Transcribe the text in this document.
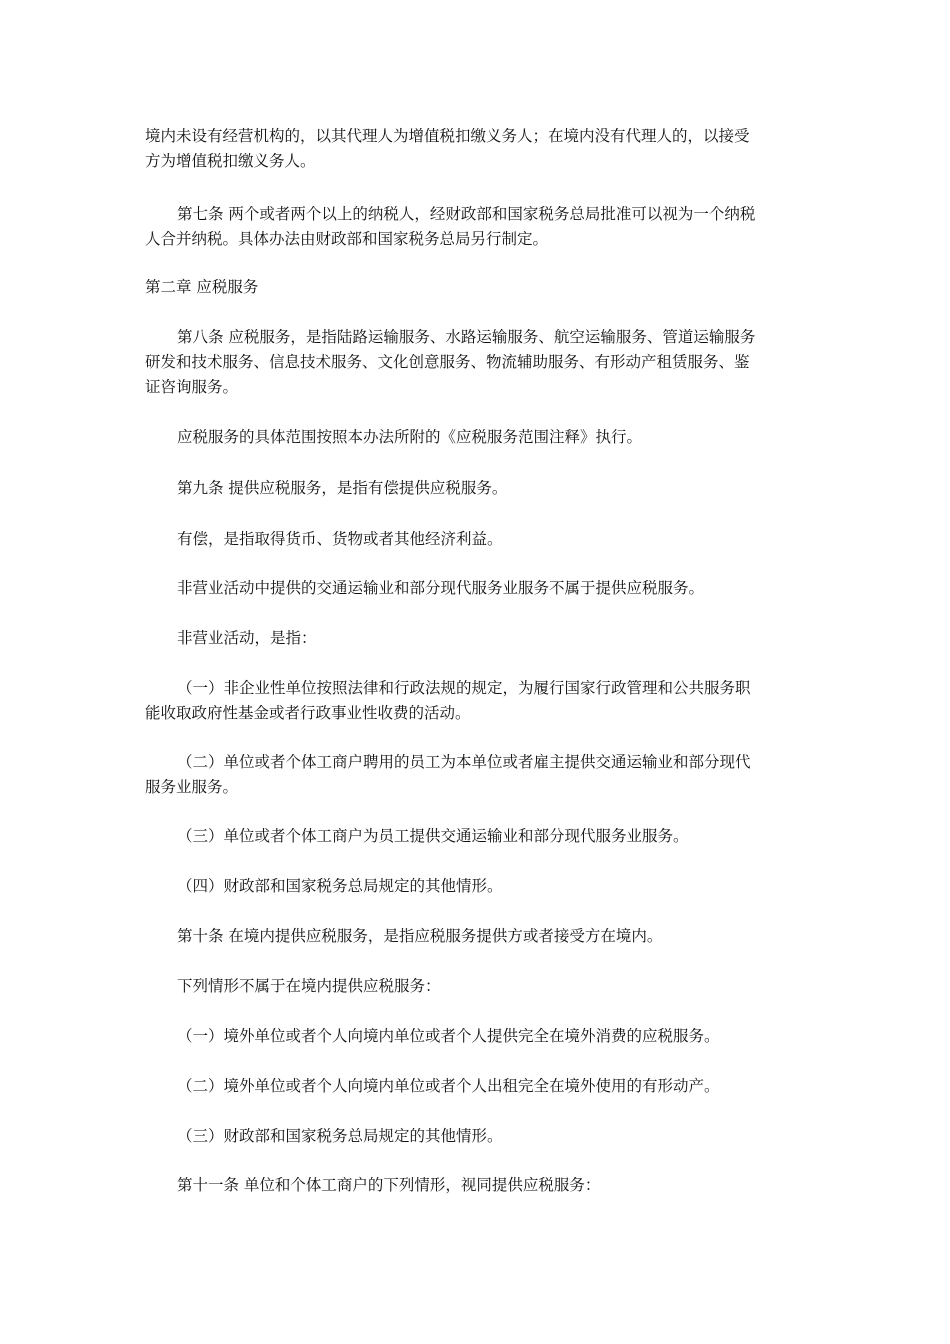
境内未设有经营机构的，以其代理人为增值税扣缴义务人；在境内没有代理人的，以接受
方为增值税扣缴义务人。

第七条 两个或者两个以上的纳税人，经财政部和国家税务总局批准可以视为一个纳税
人合并纳税。具体办法由财政部和国家税务总局另行制定。

第二章 应税服务

第八条 应税服务，是指陆路运输服务、水路运输服务、航空运输服务、管道运输服务
研发和技术服务、信息技术服务、文化创意服务、物流辅助服务、有形动产租赁服务、鉴
证咨询服务。

应税服务的具体范围按照本办法所附的《应税服务范围注释》执行。

第九条 提供应税服务，是指有偿提供应税服务。

有偿，是指取得货币、货物或者其他经济利益。

非营业活动中提供的交通运输业和部分现代服务业服务不属于提供应税服务。

非营业活动，是指：

（一）非企业性单位按照法律和行政法规的规定，为履行国家行政管理和公共服务职
能收取政府性基金或者行政事业性收费的活动。

（二）单位或者个体工商户聘用的员工为本单位或者雇主提供交通运输业和部分现代
服务业服务。

（三）单位或者个体工商户为员工提供交通运输业和部分现代服务业服务。

（四）财政部和国家税务总局规定的其他情形。

第十条 在境内提供应税服务，是指应税服务提供方或者接受方在境内。

下列情形不属于在境内提供应税服务：

（一）境外单位或者个人向境内单位或者个人提供完全在境外消费的应税服务。

（二）境外单位或者个人向境内单位或者个人出租完全在境外使用的有形动产。

（三）财政部和国家税务总局规定的其他情形。

第十一条 单位和个体工商户的下列情形，视同提供应税服务：
